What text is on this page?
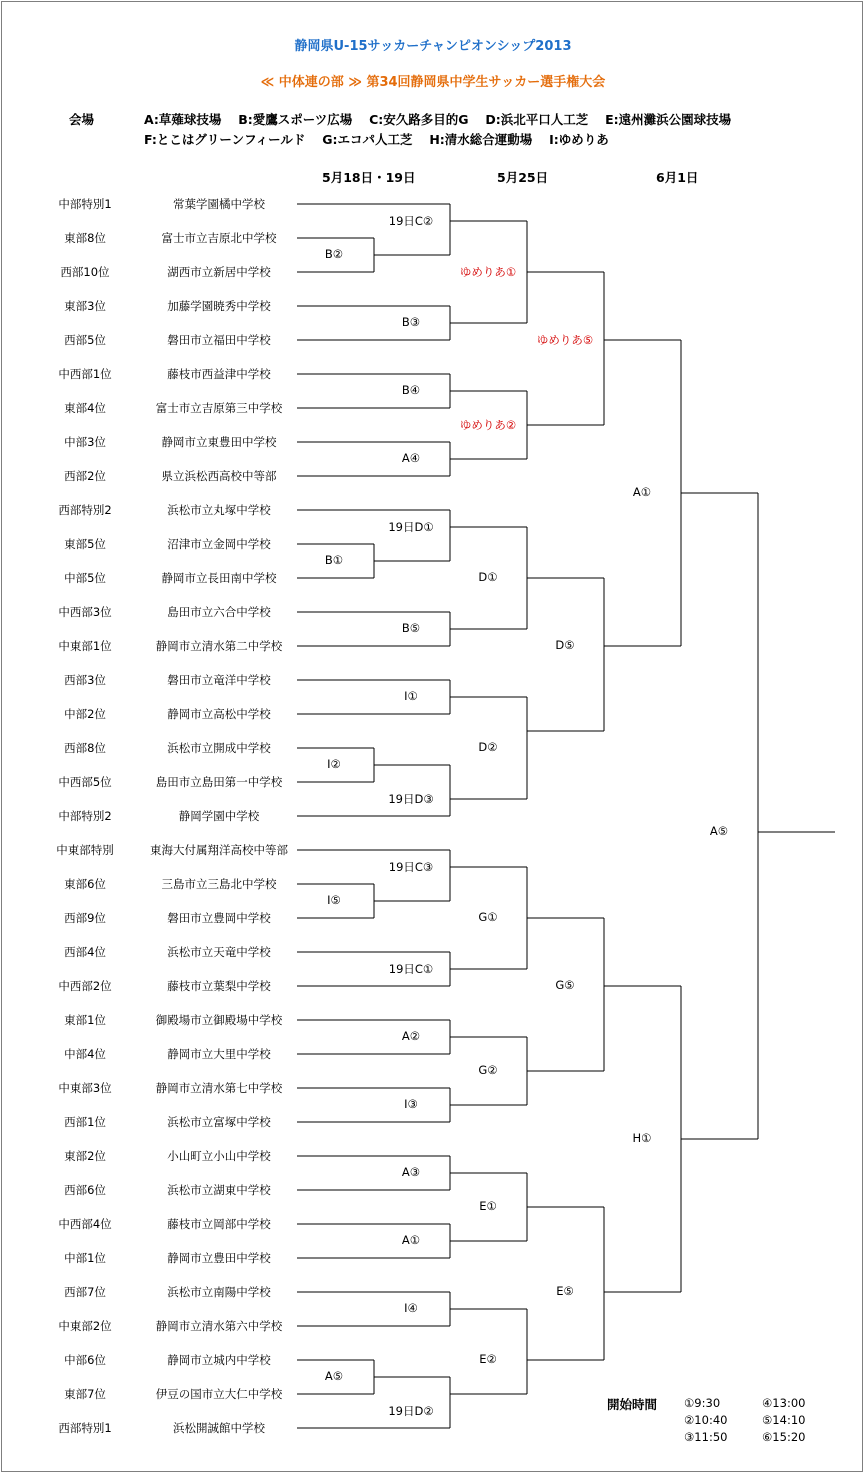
静岡県U-15サッカーチャンピオンシップ2013
≪ 中体連の部 ≫ 第34回静岡県中学生サッカー選手権大会
会場	A:草薙球技場　 B:愛鷹スポーツ広場　 C:安久路多目的G　 D:浜北平口人工芝　 E:遠州灘浜公園球技場
F:とこはグリーンフィールド　 G:エコパ人工芝　 H:清水総合運動場　 I:ゆめりあ
5月18日・19日	5月25日	6月1日
中部特別1	常葉学園橘中学校
東部8位	富士市立吉原北中学校
西部10位	湖西市立新居中学校
東部3位	加藤学園暁秀中学校
西部5位	磐田市立福田中学校
中西部1位	藤枝市西益津中学校
東部4位	富士市立吉原第三中学校
中部3位	静岡市立東豊田中学校
西部2位	県立浜松西高校中等部
西部特別2	浜松市立丸塚中学校
東部5位	沼津市立金岡中学校
中部5位	静岡市立長田南中学校
中西部3位	島田市立六合中学校
中東部1位	静岡市立清水第二中学校
西部3位	磐田市立竜洋中学校
中部2位	静岡市立高松中学校
西部8位	浜松市立開成中学校
中西部5位	島田市立島田第一中学校
中部特別2	静岡学園中学校
中東部特別	東海大付属翔洋高校中等部
東部6位	三島市立三島北中学校
西部9位	磐田市立豊岡中学校
西部4位	浜松市立天竜中学校
中西部2位	藤枝市立葉梨中学校
東部1位	御殿場市立御殿場中学校
中部4位	静岡市立大里中学校
中東部3位	静岡市立清水第七中学校
西部1位	浜松市立富塚中学校
東部2位	小山町立小山中学校
西部6位	浜松市立湖東中学校
中西部4位	藤枝市立岡部中学校
中部1位	静岡市立豊田中学校
西部7位	浜松市立南陽中学校
中東部2位	静岡市立清水第六中学校
中部6位	静岡市立城内中学校
東部7位	伊豆の国市立大仁中学校
西部特別1	浜松開誠館中学校
19日C②
B②
ゆめりあ①
B③
ゆめりあ⑤
B④
ゆめりあ②
A④
A①
19日D①
B①
D①
D⑤
B⑤
I①
D②
I②
19日D③
A⑤
19日C③
I⑤
G①
19日C①
G⑤
A②
G②
I③
H①
A③
E①
A①
E⑤
I④
E②
A⑤
19日D②	開始時間 ①9:30	④13:00
②10:40	⑤14:10
③11:50	⑥15:20
